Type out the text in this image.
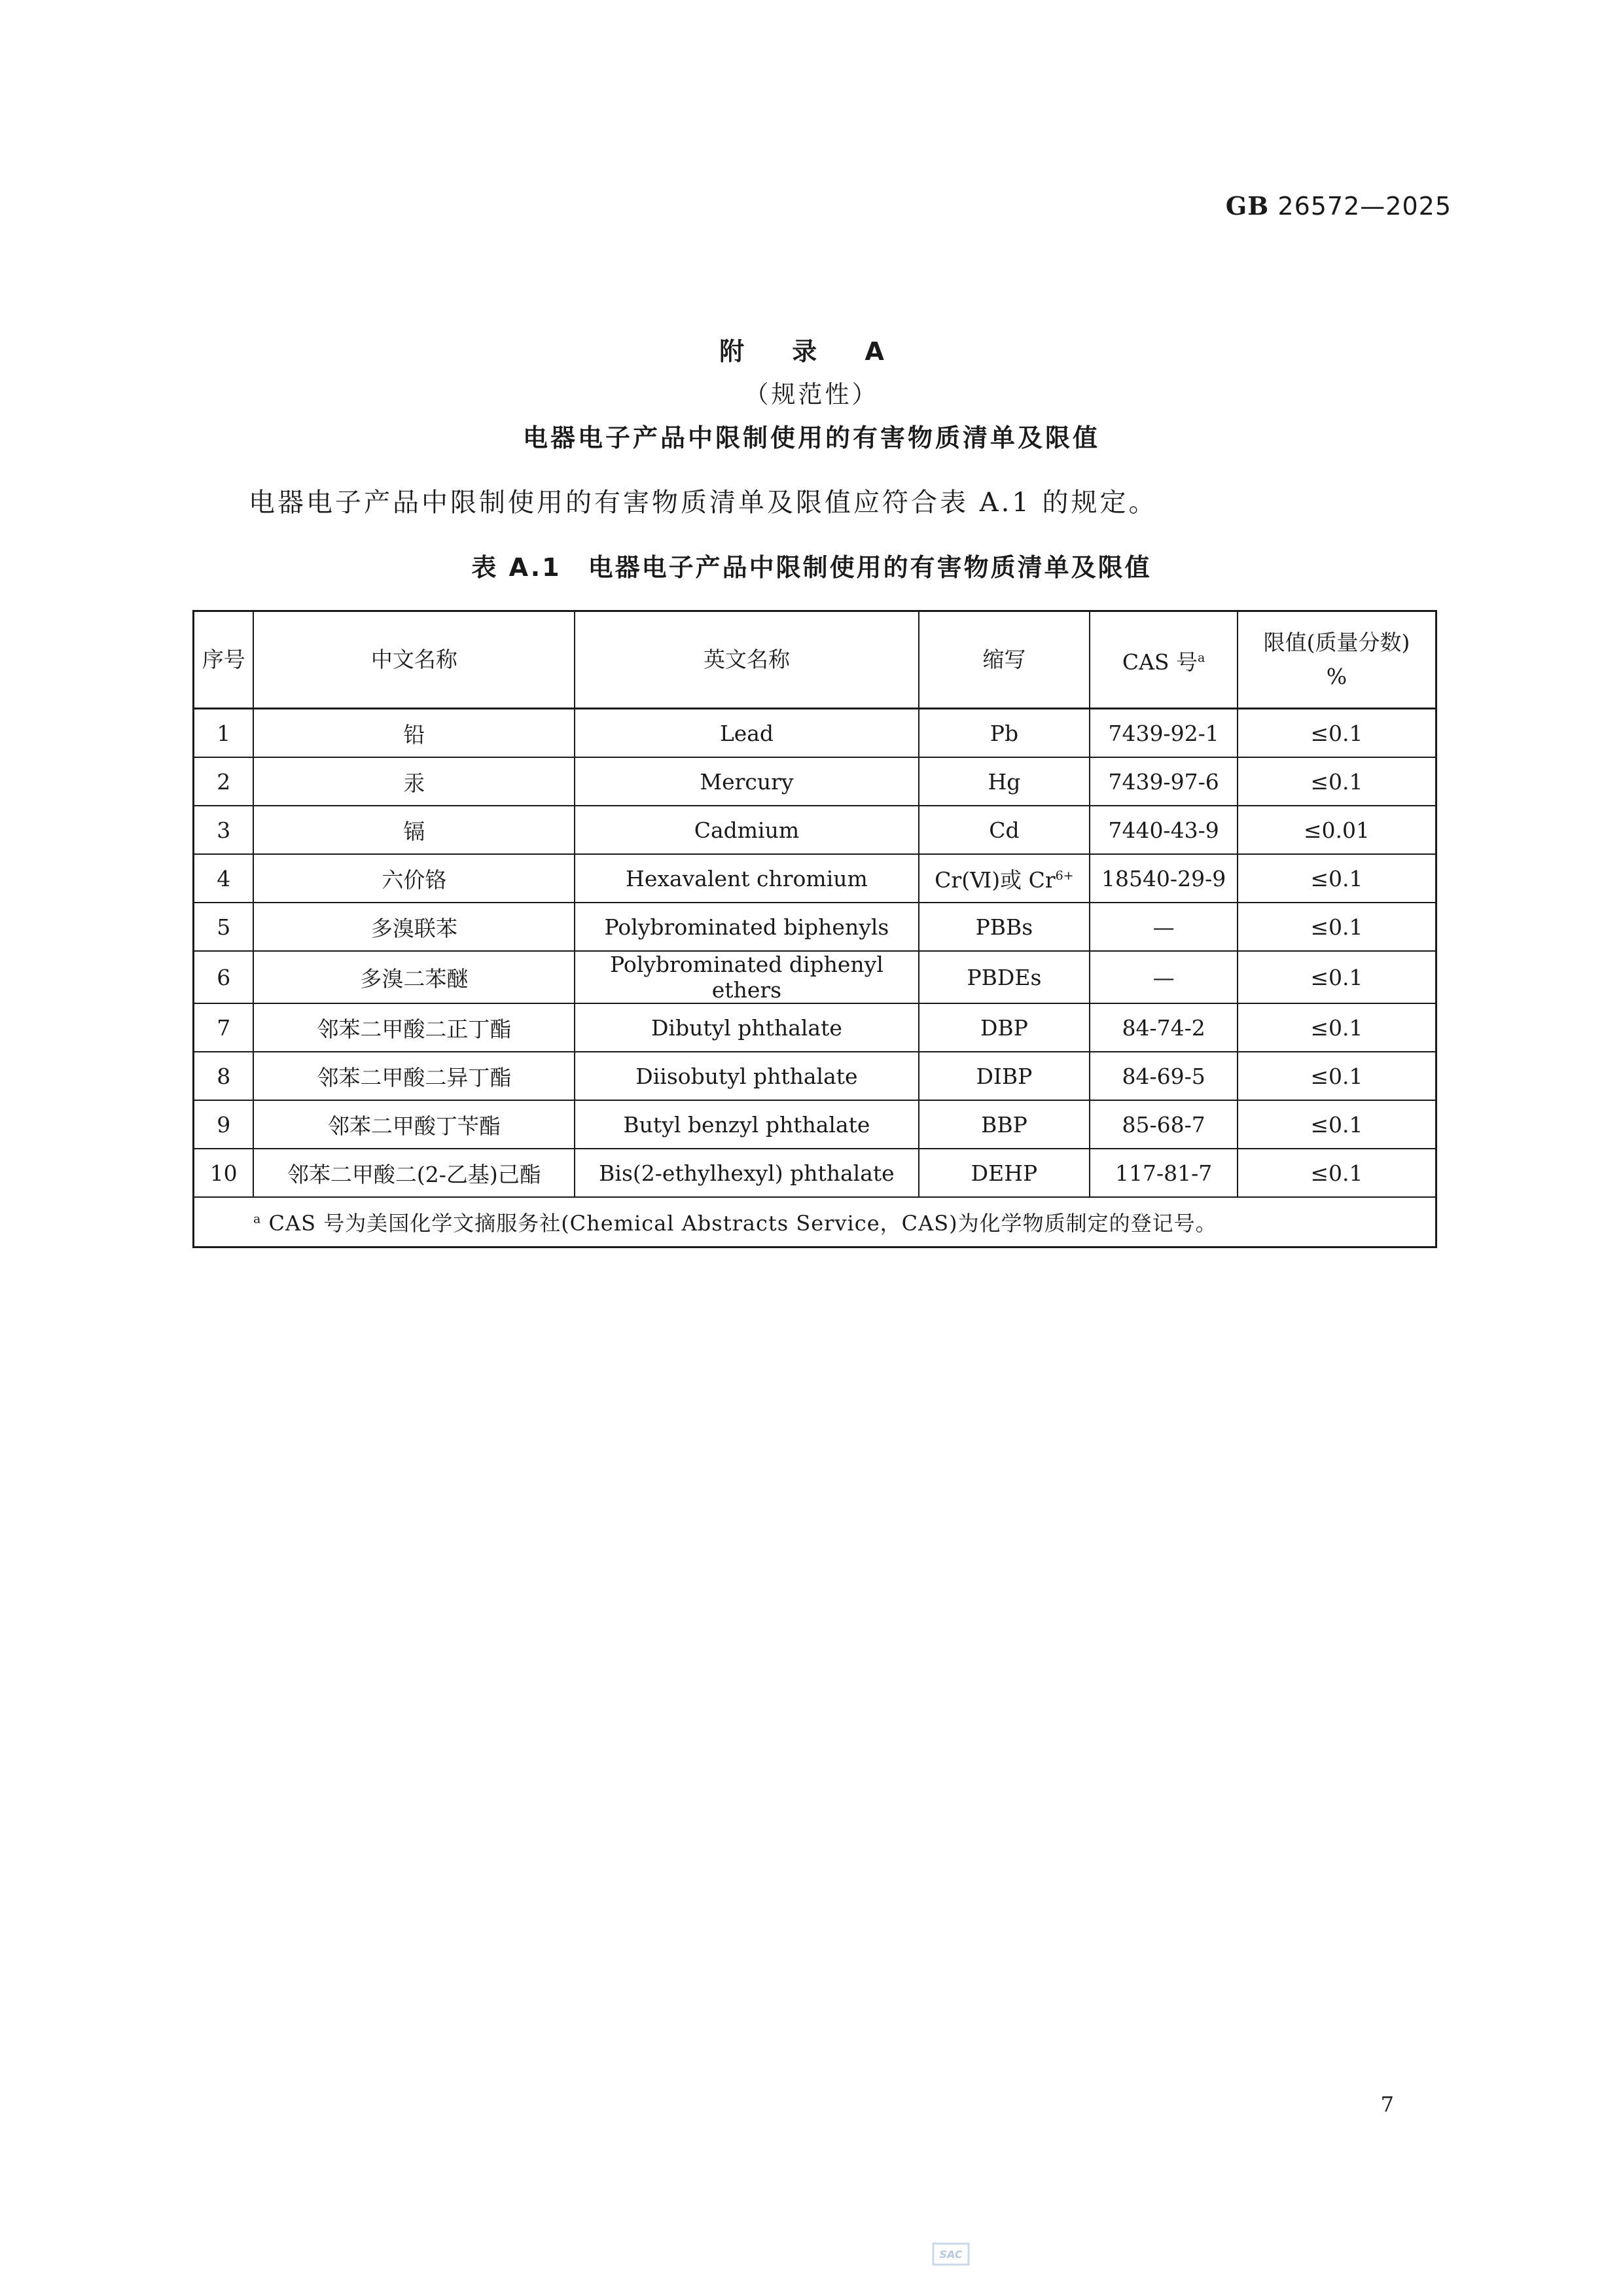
GB 26572—2025
附 录 A
（规范性）
电器电子产品中限制使用的有害物质清单及限值
电器电子产品中限制使用的有害物质清单及限值应符合表 A.1 的规定。
表 A.1　电器电子产品中限制使用的有害物质清单及限值
序号	中文名称	英文名称	缩写	CAS 号$^a$	限值(质量分数)
%

1	铅	Lead	Pb	7439-92-1	≤0.1
2	汞	Mercury	Hg	7439-97-6	≤0.1
3	镉	Cadmium	Cd	7440-43-9	≤0.01
4	六价铬	Hexavalent chromium	Cr(Ⅵ)或 $Cr^{6+}$	18540-29-9	≤0.1
5	多溴联苯	Polybrominated biphenyls	PBBs	—	≤0.1
6	多溴二苯醚	Polybrominated diphenyl ethers	PBDEs	—	≤0.1
7	邻苯二甲酸二正丁酯	Dibutyl phthalate	DBP	84-74-2	≤0.1
8	邻苯二甲酸二异丁酯	Diisobutyl phthalate	DIBP	84-69-5	≤0.1
9	邻苯二甲酸丁苄酯	Butyl benzyl phthalate	BBP	85-68-7	≤0.1
10	邻苯二甲酸二(2-乙基)己酯	Bis(2-ethylhexyl) phthalate	DEHP	117-81-7	≤0.1
$^a$ CAS 号为美国化学文摘服务社(Chemical Abstracts Service，CAS)为化学物质制定的登记号。					
7
SAC
